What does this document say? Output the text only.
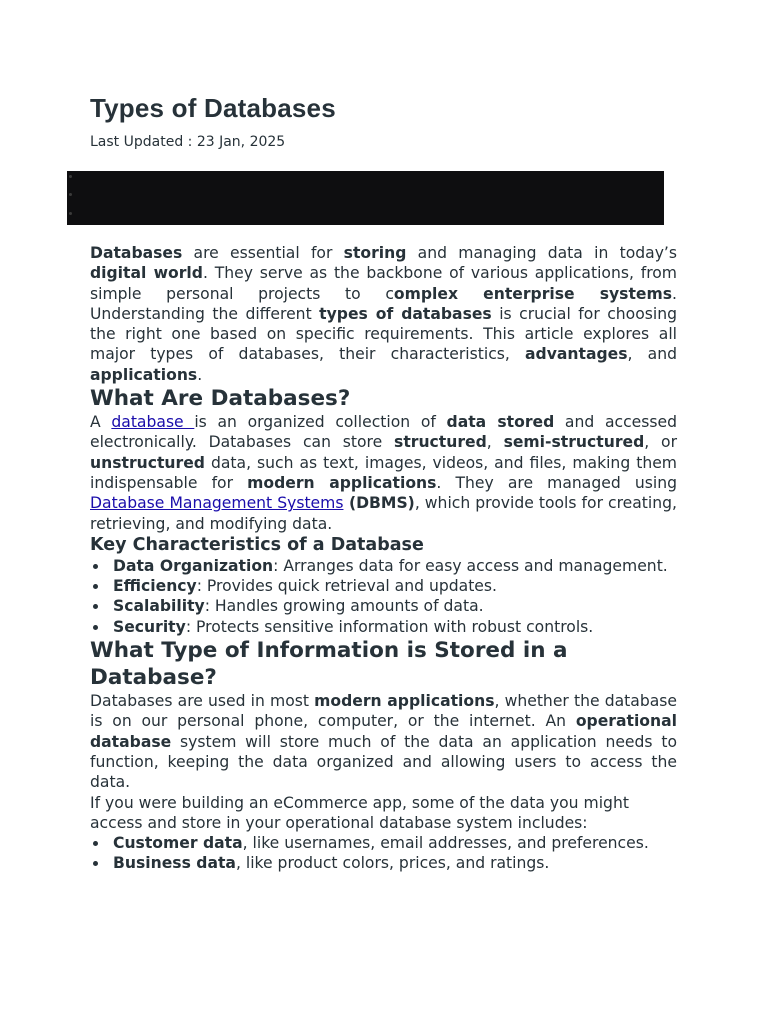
Types of Databases

Last Updated : 23 Jan, 2025

Databases are essential for storing and managing data in today’s digital world. They serve as the backbone of various applications, from simple personal projects to complex enterprise systems. Understanding the different types of databases is crucial for choosing the right one based on specific requirements. This article explores all major types of databases, their characteristics, advantages, and applications.

What Are Databases?

A database is an organized collection of data stored and accessed electronically. Databases can store structured, semi-structured, or unstructured data, such as text, images, videos, and files, making them indispensable for modern applications. They are managed using Database Management Systems (DBMS), which provide tools for creating, retrieving, and modifying data.

Key Characteristics of a Database
Data Organization: Arranges data for easy access and management.
Efficiency: Provides quick retrieval and updates.
Scalability: Handles growing amounts of data.
Security: Protects sensitive information with robust controls.
What Type of Information is Stored in a Database?

Databases are used in most modern applications, whether the database is on our personal phone, computer, or the internet. An operational database system will store much of the data an application needs to function, keeping the data organized and allowing users to access the data.

If you were building an eCommerce app, some of the data you might access and store in your operational database system includes:

Customer data, like usernames, email addresses, and preferences.
Business data, like product colors, prices, and ratings.
